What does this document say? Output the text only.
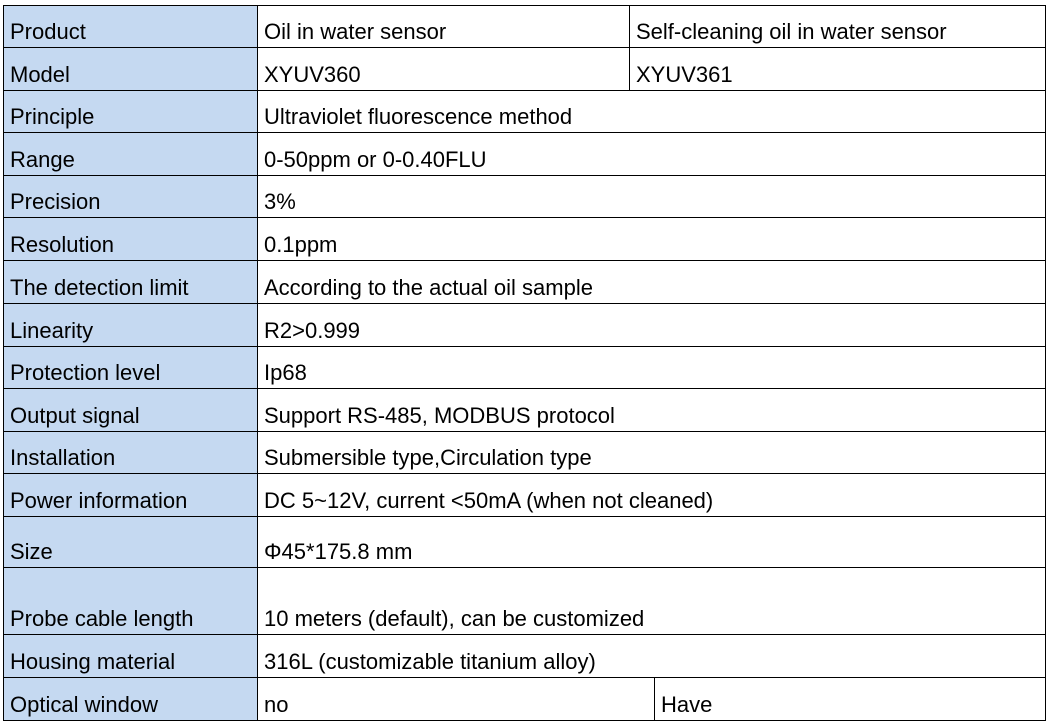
Product	Oil in water sensor	Self-cleaning oil in water sensor
Model	XYUV360	XYUV361
Principle	Ultraviolet fluorescence method
Range	0-50ppm or 0-0.40FLU
Precision	3%
Resolution	0.1ppm
The detection limit	According to the actual oil sample
Linearity	R2>0.999
Protection level	Ip68
Output signal	Support RS-485, MODBUS protocol
Installation	Submersible type,Circulation type
Power information	DC 5~12V, current <50mA (when not cleaned)
Size	Φ45*175.8 mm
Probe cable length	10 meters (default), can be customized
Housing material	316L (customizable titanium alloy)
Optical window	no	Have
